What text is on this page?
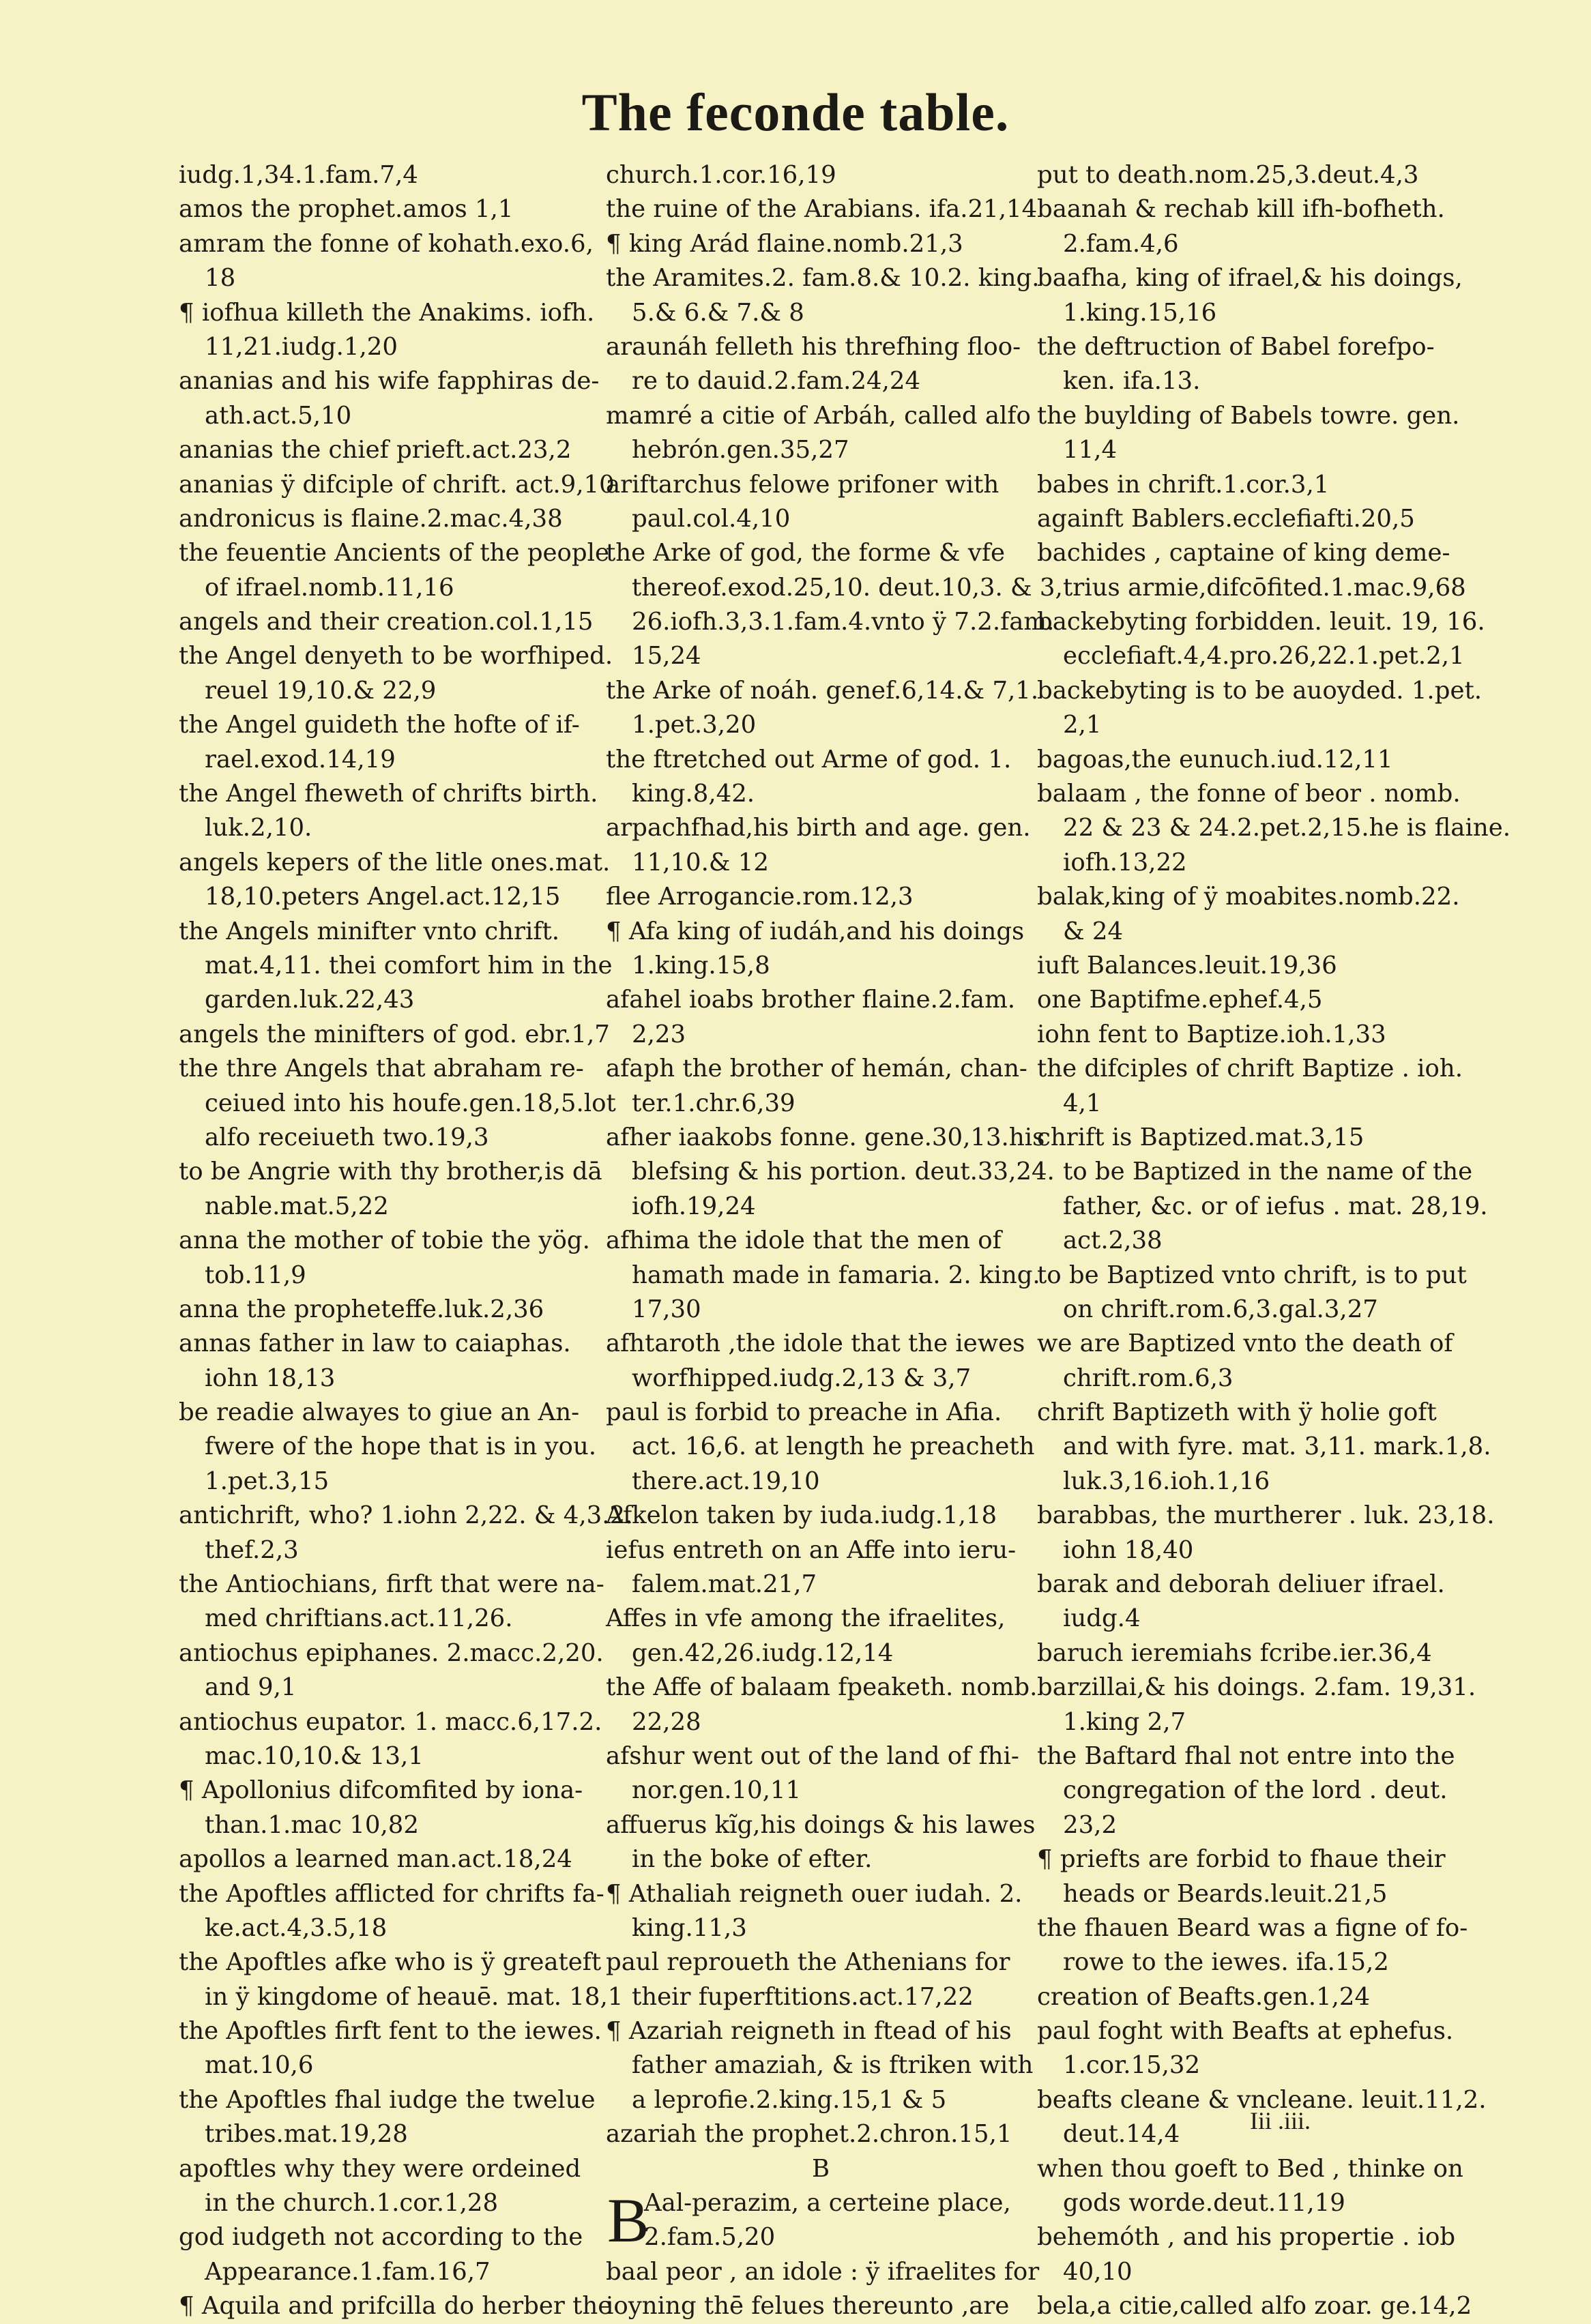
The feconde table.
iudg.1,34.1.fam.7,4
amos the prophet.amos 1,1
amram the fonne of kohath.exo.6,
18
¶ iofhua killeth the Anakims. iofh.
11,21.iudg.1,20
ananias and his wife fapphiras de-
ath.act.5,10
ananias the chief prieft.act.23,2
ananias ÿ difciple of chrift. act.9,10
andronicus is flaine.2.mac.4,38
the feuentie Ancients of the people
of ifrael.nomb.11,16
angels and their creation.col.1,15
the Angel denyeth to be worfhiped.
reuel 19,10.& 22,9
the Angel guideth the hofte of if-
rael.exod.14,19
the Angel fheweth of chrifts birth.
luk.2,10.
angels kepers of the litle ones.mat.
18,10.peters Angel.act.12,15
the Angels minifter vnto chrift.
mat.4,11. thei comfort him in the
garden.luk.22,43
angels the minifters of god. ebr.1,7
the thre Angels that abraham re-
ceiued into his houfe.gen.18,5.lot
alfo receiueth two.19,3
to be Angrie with thy brother,is dā
nable.mat.5,22
anna the mother of tobie the yög.
tob.11,9
anna the propheteffe.luk.2,36
annas father in law to caiaphas.
iohn 18,13
be readie alwayes to giue an An-
fwere of the hope that is in you.
1.pet.3,15
antichrift, who? 1.iohn 2,22. & 4,3.2.
thef.2,3
the Antiochians, firft that were na-
med chriftians.act.11,26.
antiochus epiphanes. 2.macc.2,20.
and 9,1
antiochus eupator. 1. macc.6,17.2.
mac.10,10.& 13,1
¶ Apollonius difcomfited by iona-
than.1.mac 10,82
apollos a learned man.act.18,24
the Apoftles afflicted for chrifts fa-
ke.act.4,3.5,18
the Apoftles afke who is ÿ greateft
in ÿ kingdome of heauē. mat. 18,1
the Apoftles firft fent to the iewes.
mat.10,6
the Apoftles fhal iudge the twelue
tribes.mat.19,28
apoftles why they were ordeined
in the church.1.cor.1,28
god iudgeth not according to the
Appearance.1.fam.16,7
¶ Aquila and prifcilla do herber the
church.1.cor.16,19
the ruine of the Arabians. ifa.21,14
¶ king Arád flaine.nomb.21,3
the Aramites.2. fam.8.& 10.2. king.
5.& 6.& 7.& 8
araunáh felleth his threfhing floo-
re to dauid.2.fam.24,24
mamré a citie of Arbáh, called alfo
hebrón.gen.35,27
ariftarchus felowe prifoner with
paul.col.4,10
the Arke of god, the forme & vfe
thereof.exod.25,10. deut.10,3. & 3,
26.iofh.3,3.1.fam.4.vnto ÿ 7.2.fam.
15,24
the Arke of noáh. genef.6,14.& 7,1.
1.pet.3,20
the ftretched out Arme of god. 1.
king.8,42.
arpachfhad,his birth and age. gen.
11,10.& 12
flee Arrogancie.rom.12,3
¶ Afa king of iudáh,and his doings
1.king.15,8
afahel ioabs brother flaine.2.fam.
2,23
afaph the brother of hemán, chan-
ter.1.chr.6,39
afher iaakobs fonne. gene.30,13.his
blefsing & his portion. deut.33,24.
iofh.19,24
afhima the idole that the men of
hamath made in famaria. 2. king.
17,30
afhtaroth ,the idole that the iewes
worfhipped.iudg.2,13 & 3,7
paul is forbid to preache in Afia.
act. 16,6. at length he preacheth
there.act.19,10
Afkelon taken by iuda.iudg.1,18
iefus entreth on an Affe into ieru-
falem.mat.21,7
Affes in vfe among the ifraelites,
gen.42,26.iudg.12,14
the Affe of balaam fpeaketh. nomb.
22,28
afshur went out of the land of fhi-
nor.gen.10,11
affuerus kĩg,his doings & his lawes
in the boke of efter.
¶ Athaliah reigneth ouer iudah. 2.
king.11,3
paul reproueth the Athenians for
their fuperftitions.act.17,22
¶ Azariah reigneth in ftead of his
father amaziah, & is ftriken with
a leprofie.2.king.15,1 & 5
azariah the prophet.2.chron.15,1
B
B
Aal-perazim, a certeine place,
2.fam.5,20
baal peor , an idole : ÿ ifraelites for
ioyning thē felues thereunto ,are
put to death.nom.25,3.deut.4,3
baanah & rechab kill ifh-bofheth.
2.fam.4,6
baafha, king of ifrael,& his doings,
1.king.15,16
the deftruction of Babel forefpo-
ken. ifa.13.
the buylding of Babels towre. gen.
11,4
babes in chrift.1.cor.3,1
againft Bablers.ecclefiafti.20,5
bachides , captaine of king deme-
trius armie,difcōfited.1.mac.9,68
backebyting forbidden. leuit. 19, 16.
ecclefiaft.4,4.pro.26,22.1.pet.2,1
backebyting is to be auoyded. 1.pet.
2,1
bagoas,the eunuch.iud.12,11
balaam , the fonne of beor . nomb.
22 & 23 & 24.2.pet.2,15.he is flaine.
iofh.13,22
balak,king of ÿ moabites.nomb.22.
& 24
iuft Balances.leuit.19,36
one Baptifme.ephef.4,5
iohn fent to Baptize.ioh.1,33
the difciples of chrift Baptize . ioh.
4,1
chrift is Baptized.mat.3,15
to be Baptized in the name of the
father, &c. or of iefus . mat. 28,19.
act.2,38
to be Baptized vnto chrift, is to put
on chrift.rom.6,3.gal.3,27
we are Baptized vnto the death of
chrift.rom.6,3
chrift Baptizeth with ÿ holie goft
and with fyre. mat. 3,11. mark.1,8.
luk.3,16.ioh.1,16
barabbas, the murtherer . luk. 23,18.
iohn 18,40
barak and deborah deliuer ifrael.
iudg.4
baruch ieremiahs fcribe.ier.36,4
barzillai,& his doings. 2.fam. 19,31.
1.king 2,7
the Baftard fhal not entre into the
congregation of the lord . deut.
23,2
¶ priefts are forbid to fhaue their
heads or Beards.leuit.21,5
the fhauen Beard was a figne of fo-
rowe to the iewes. ifa.15,2
creation of Beafts.gen.1,24
paul foght with Beafts at ephefus.
1.cor.15,32
beafts cleane & vncleane. leuit.11,2.
deut.14,4
when thou goeft to Bed , thinke on
gods worde.deut.11,19
behemóth , and his propertie . iob
40,10
bela,a citie,called alfo zoar. ge.14,2
Iii .iii.
